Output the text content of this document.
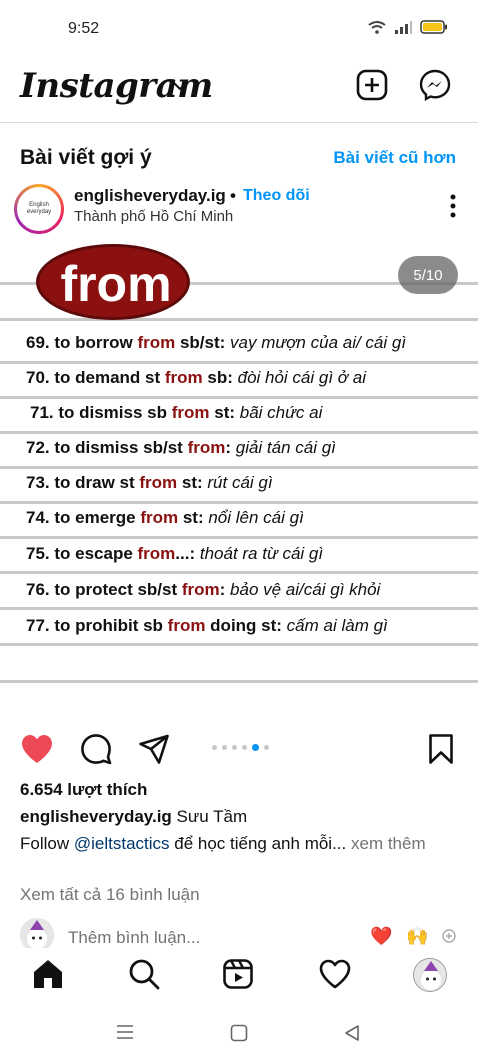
9:52
Instagram
Bài viết gợi ý	Bài viết cũ hơn
English everyday
englisheveryday.ig • Theo dõi
Thành phố Hồ Chí Minh
from	5/10
69. to borrow from sb/st: vay mượn của ai/ cái gì
70. to demand st from sb: đòi hỏi cái gì ở ai
71. to dismiss sb from st: bãi chức ai
72. to dismiss sb/st from: giải tán cái gì
73. to draw st from st: rút cái gì
74. to emerge from st: nổi lên cái gì
75. to escape from...: thoát ra từ cái gì
76. to protect sb/st from: bảo vệ ai/cái gì khỏi
77. to prohibit sb from doing st: cấm ai làm gì
6.654 lượt thích
englisheveryday.ig Sưu Tầm
Follow @ieltstactics để học tiếng anh mỗi... xem thêm
Xem tất cả 16 bình luận
Thêm bình luận...	❤️ 🙌
